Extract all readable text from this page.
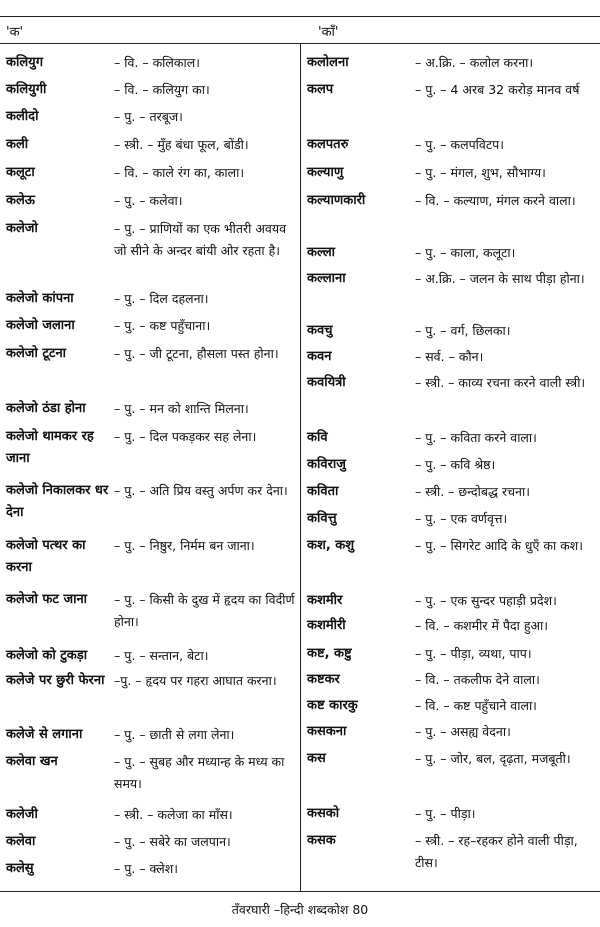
'क'	'काँ'
कलियुग	– वि. – कलिकाल।
कलियुगी	– वि. – कलियुग का।
कलीदो	– पु. – तरबूज।
कली	– स्त्री. – मुँह बंधा फूल, बोंडी।
कलूटा	– वि. – काले रंग का, काला।
कलेऊ	– पु. – कलेवा।
कलेजो	– पु. – प्राणियों का एक भीतरी अवयव जो सीने के अन्दर बांयी ओर रहता है।
कलेजो कांपना	– पु. – दिल दहलना।
कलेजो जलाना	– पु. – कष्ट पहुँचाना।
कलेजो टूटना	– पु. – जी टूटना, हौसला पस्त होना।
कलेजो ठंडा होना	– पु. – मन को शान्ति मिलना।
कलेजो थामकर रह जाना
– पु. – दिल पकड़कर सह लेना।
कलेजो निकालकर धर देना
– पु. – अति प्रिय वस्तु अर्पण कर देना।
कलेजो पत्थर का करना
– पु. – निष्ठुर, निर्मम बन जाना।
कलेजो फट जाना	– पु. – किसी के दुख में हृदय का विदीर्ण होना।
कलेजो को टुकड़ा	– पु. – सन्तान, बेटा।
कलेजे पर छुरी फेरना –पु. – हृदय पर गहरा आघात करना।
कलेजे से लगाना	– पु. – छाती से लगा लेना।
कलेवा खन	– पु. – सुबह और मध्यान्ह के मध्य का समय।
कलेजी	– स्त्री. – कलेजा का माँस।
कलेवा	– पु. – सबेरे का जलपान।
कलेसु	– पु. – क्लेश।
कलोलना	– अ.क्रि. – कलोल करना।
कलप	– पु. – 4 अरब 32 करोड़ मानव वर्ष
कलपतरु	– पु. – कलपविटप।
कल्याणु	– पु. – मंगल, शुभ, सौभाग्य।
कल्याणकारी	– वि. – कल्याण, मंगल करने वाला।
कल्ला	– पु. – काला, कलूटा।
कल्लाना	– अ.क्रि. – जलन के साथ पीड़ा होना।
कवचु	– पु. – वर्ग, छिलका।
कवन	– सर्व. – कौन।
कवयित्री	– स्त्री. – काव्य रचना करने वाली स्त्री।
कवि	– पु. – कविता करने वाला।
कविराजु	– पु. – कवि श्रेष्ठ।
कविता	– स्त्री. – छन्दोबद्ध रचना।
कवित्तु	– पु. – एक वर्णवृत्त।
कश, कशु	– पु. – सिगरेट आदि के धुएँ का कश।
कशमीर	– पु. – एक सुन्दर पहाड़ी प्रदेश।
कशमीरी	– वि. – कशमीर में पैदा हुआ।
कष्ट, कष्टु	– पु. – पीड़ा, व्यथा, पाप।
कष्टकर	– वि. – तकलीफ देने वाला।
कष्ट कारकु	– वि. – कष्ट पहुँचाने वाला।
कसकना	– पु. – असह्य वेदना।
कस	– पु. – जोर, बल, दृढ़ता, मजबूती।
कसको	– पु. – पीड़ा।
कसक	– स्त्री. – रह–रहकर होने वाली पीड़ा, टीस।
तँवरघारी –हिन्दी शब्दकोश 80
